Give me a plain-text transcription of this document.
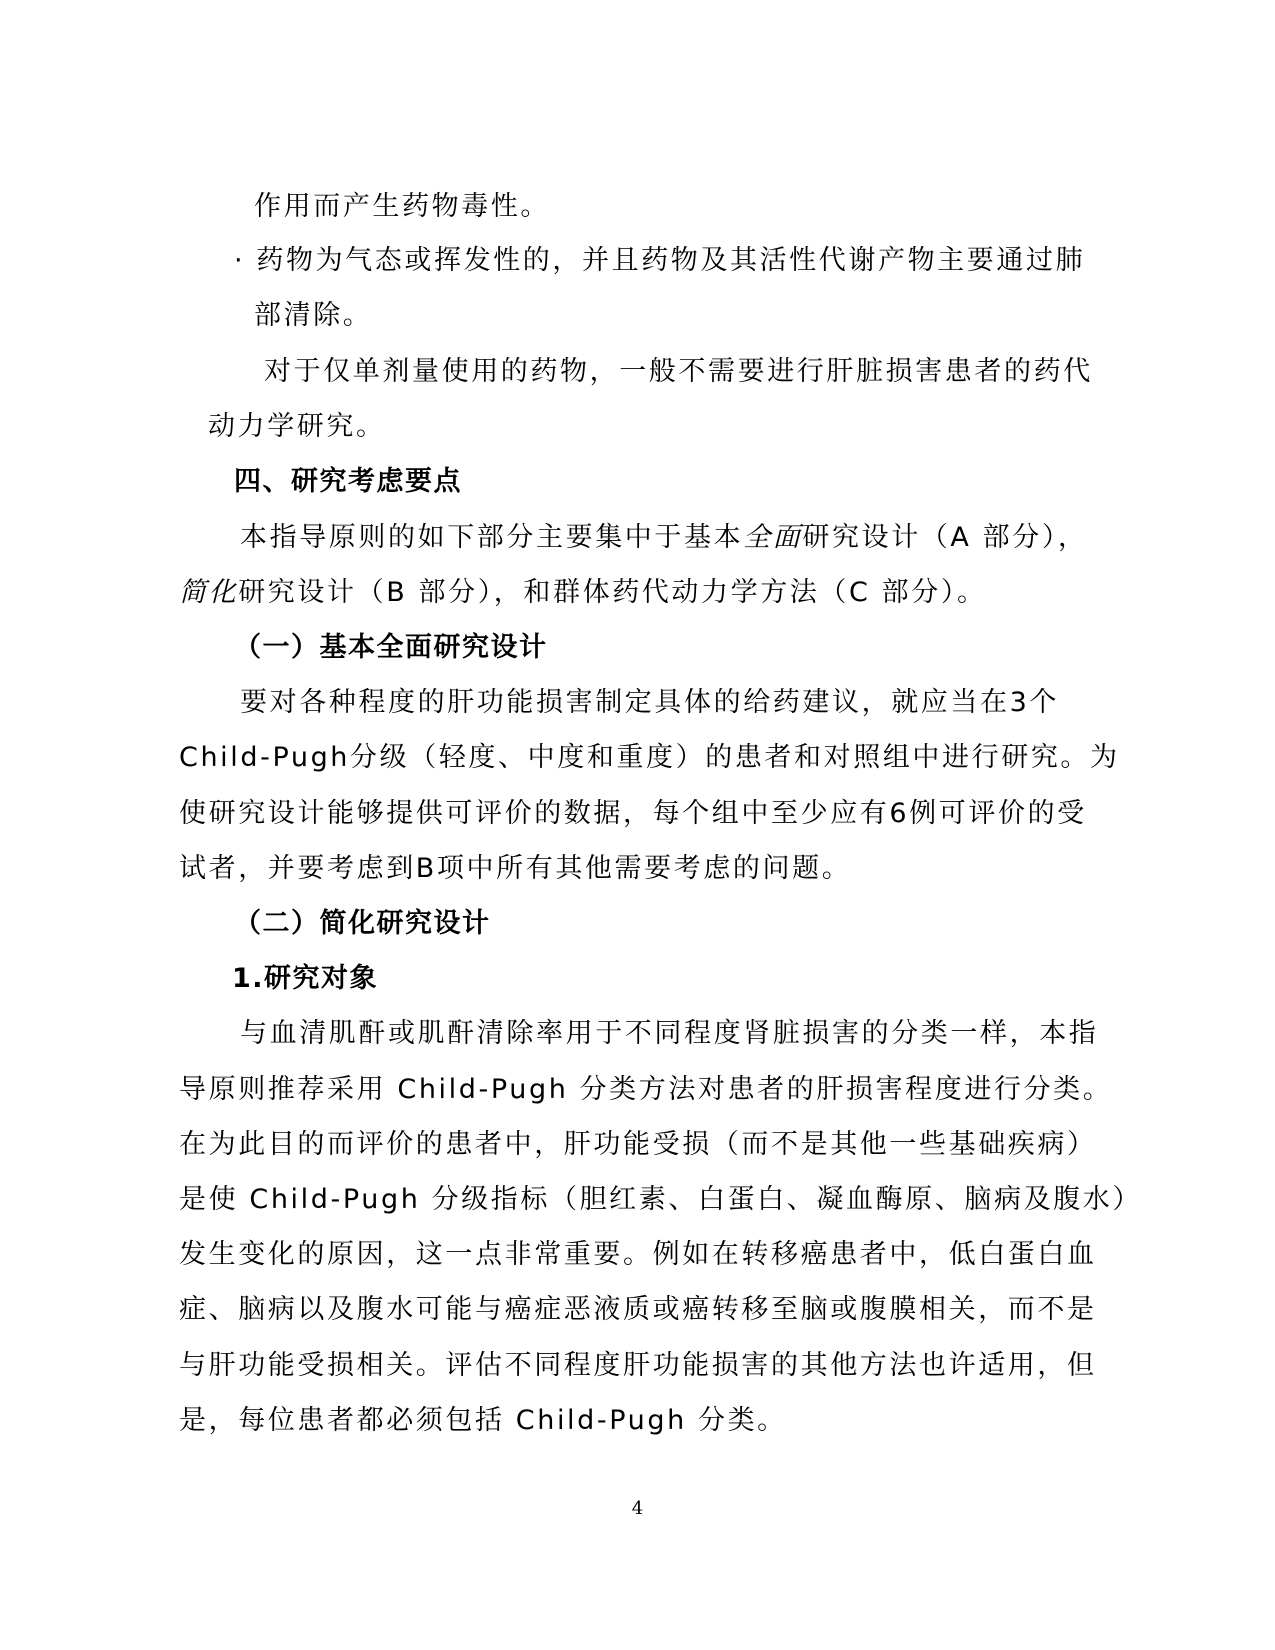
作用而产生药物毒性。

· 药物为气态或挥发性的，并且药物及其活性代谢产物主要通过肺

部清除。

对于仅单剂量使用的药物，一般不需要进行肝脏损害患者的药代

动力学研究。

四、研究考虑要点

本指导原则的如下部分主要集中于基本全面研究设计（A 部分），

简化研究设计（B 部分），和群体药代动力学方法（C 部分）。

（一）基本全面研究设计

要对各种程度的肝功能损害制定具体的给药建议，就应当在3个

Child-Pugh分级（轻度、中度和重度）的患者和对照组中进行研究。为

使研究设计能够提供可评价的数据，每个组中至少应有6例可评价的受

试者，并要考虑到B项中所有其他需要考虑的问题。

（二）简化研究设计

1.研究对象

与血清肌酐或肌酐清除率用于不同程度肾脏损害的分类一样，本指

导原则推荐采用 Child-Pugh 分类方法对患者的肝损害程度进行分类。

在为此目的而评价的患者中，肝功能受损（而不是其他一些基础疾病）

是使 Child-Pugh 分级指标（胆红素、白蛋白、凝血酶原、脑病及腹水）

发生变化的原因，这一点非常重要。例如在转移癌患者中，低白蛋白血

症、脑病以及腹水可能与癌症恶液质或癌转移至脑或腹膜相关，而不是

与肝功能受损相关。评估不同程度肝功能损害的其他方法也许适用，但

是，每位患者都必须包括 Child-Pugh 分类。

4
